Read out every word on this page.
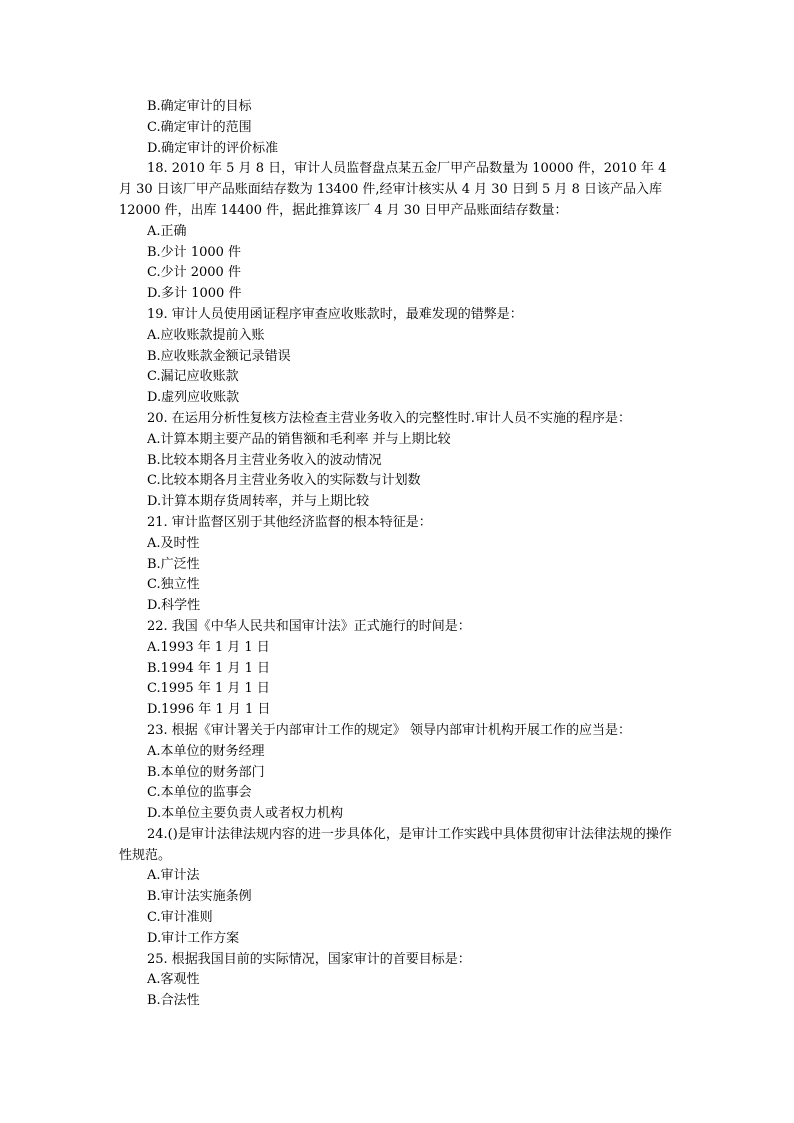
B.确定审计的目标
C.确定审计的范围
D.确定审计的评价标准
18. 2010 年 5 月 8 日，审计人员监督盘点某五金厂甲产品数量为 10000 件，2010 年 4 月 30 日该厂甲产品账面结存数为 13400 件,经审计核实从 4 月 30 日到 5 月 8 日该产品入库 12000 件，出库 14400 件，据此推算该厂 4 月 30 日甲产品账面结存数量：
A.正确
B.少计 1000 件
C.少计 2000 件
D.多计 1000 件
19. 审计人员使用函证程序审查应收账款时，最难发现的错弊是：
A.应收账款提前入账
B.应收账款金额记录错误
C.漏记应收账款
D.虚列应收账款
20. 在运用分析性复核方法检查主营业务收入的完整性时.审计人员不实施的程序是：
A.计算本期主要产品的销售额和毛利率 并与上期比较
B.比较本期各月主营业务收入的波动情况
C.比较本期各月主营业务收入的实际数与计划数
D.计算本期存货周转率，并与上期比较
21. 审计监督区别于其他经济监督的根本特征是：
A.及时性
B.广泛性
C.独立性
D.科学性
22. 我国《中华人民共和国审计法》正式施行的时间是：
A.1993 年 1 月 1 日
B.1994 年 1 月 1 日
C.1995 年 1 月 1 日
D.1996 年 1 月 1 日
23. 根据《审计署关于内部审计工作的规定》 领导内部审计机构开展工作的应当是：
A.本单位的财务经理
B.本单位的财务部门
C.本单位的监事会
D.本单位主要负责人或者权力机构
24.()是审计法律法规内容的进一步具体化，是审计工作实践中具体贯彻审计法律法规的操作性规范。
A.审计法
B.审计法实施条例
C.审计准则
D.审计工作方案
25. 根据我国目前的实际情况，国家审计的首要目标是：
A.客观性
B.合法性
